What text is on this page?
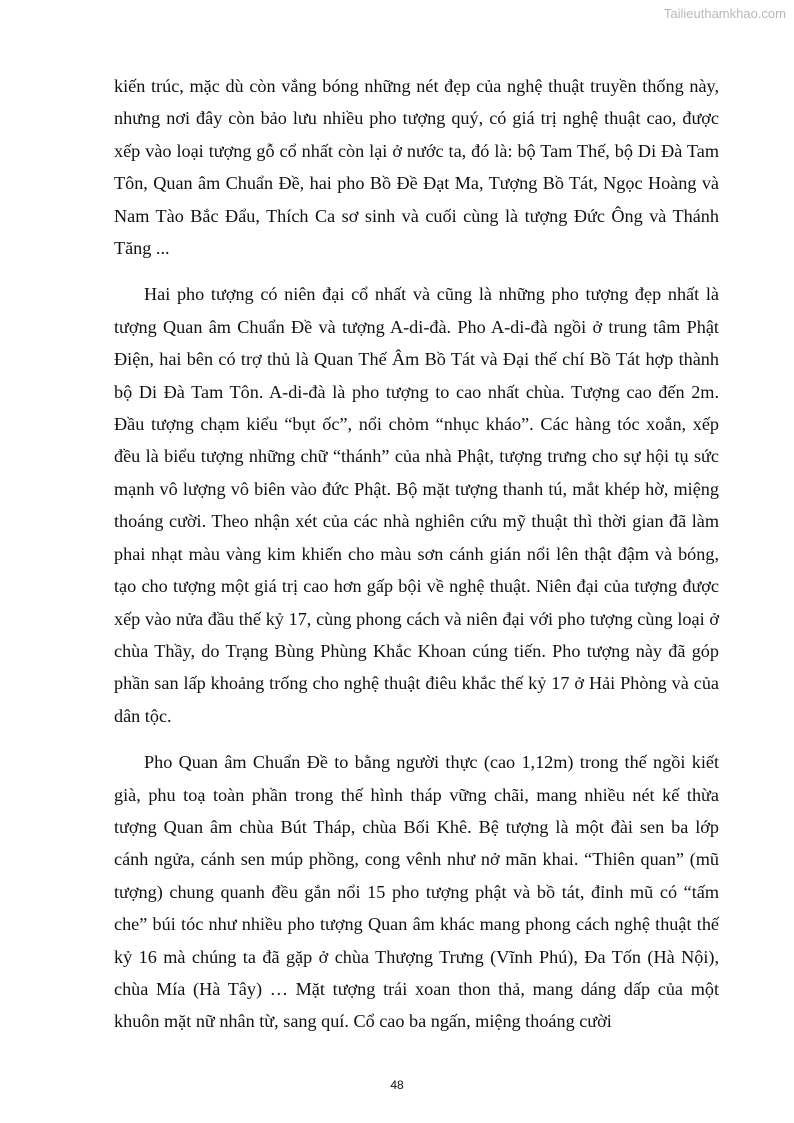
Tailieuthamkhao.com

kiến trúc, mặc dù còn vắng bóng những nét đẹp của nghệ thuật truyền thống này, nhưng nơi đây còn bảo lưu nhiều pho tượng quý, có giá trị nghệ thuật cao, được xếp vào loại tượng gỗ cổ nhất còn lại ở nước ta, đó là: bộ Tam Thế, bộ Di Đà Tam Tôn, Quan âm Chuẩn Đề, hai pho Bồ Đề Đạt Ma, Tượng Bồ Tát, Ngọc Hoàng và Nam Tào Bắc Đẩu, Thích Ca sơ sinh và cuối cùng là tượng Đức Ông và Thánh Tăng ...

Hai pho tượng có niên đại cổ nhất và cũng là những pho tượng đẹp nhất là tượng Quan âm Chuẩn Đề và tượng A-di-đà. Pho A-di-đà ngồi ở trung tâm Phật Điện, hai bên có trợ thủ là Quan Thế Âm Bồ Tát và Đại thế chí Bồ Tát hợp thành bộ Di Đà Tam Tôn. A-di-đà là pho tượng to cao nhất chùa. Tượng cao đến 2m. Đầu tượng chạm kiểu “bụt ốc”, nổi chỏm “nhục kháo”. Các hàng tóc xoắn, xếp đều là biểu tượng những chữ “thánh” của nhà Phật, tượng trưng cho sự hội tụ sức mạnh vô lượng vô biên vào đức Phật. Bộ mặt tượng thanh tú, mắt khép hờ, miệng thoáng cười. Theo nhận xét của các nhà nghiên cứu mỹ thuật thì thời gian đã làm phai nhạt màu vàng kim khiến cho màu sơn cánh gián nổi lên thật đậm và bóng, tạo cho tượng một giá trị cao hơn gấp bội về nghệ thuật. Niên đại của tượng được xếp vào nửa đầu thế kỷ 17, cùng phong cách và niên đại với pho tượng cùng loại ở chùa Thầy, do Trạng Bùng Phùng Khắc Khoan cúng tiến. Pho tượng này đã góp phần san lấp khoảng trống cho nghệ thuật điêu khắc thế kỷ 17 ở Hải Phòng và của dân tộc.

Pho Quan âm Chuẩn Đề to bằng người thực (cao 1,12m) trong thế ngồi kiết già, phu toạ toàn phần trong thế hình tháp vững chãi, mang nhiều nét kế thừa tượng Quan âm chùa Bút Tháp, chùa Bối Khê. Bệ tượng là một đài sen ba lớp cánh ngửa, cánh sen múp phồng, cong vênh như nở mãn khai. “Thiên quan” (mũ tượng) chung quanh đều gắn nổi 15 pho tượng phật và bồ tát, đỉnh mũ có “tấm che” búi tóc như nhiều pho tượng Quan âm khác mang phong cách nghệ thuật thế kỷ 16 mà chúng ta đã gặp ở chùa Thượng Trưng (Vĩnh Phú), Đa Tốn (Hà Nội), chùa Mía (Hà Tây) … Mặt tượng trái xoan thon thả, mang dáng dấp của một khuôn mặt nữ nhân từ, sang quí. Cổ cao ba ngấn, miệng thoáng cười

48
